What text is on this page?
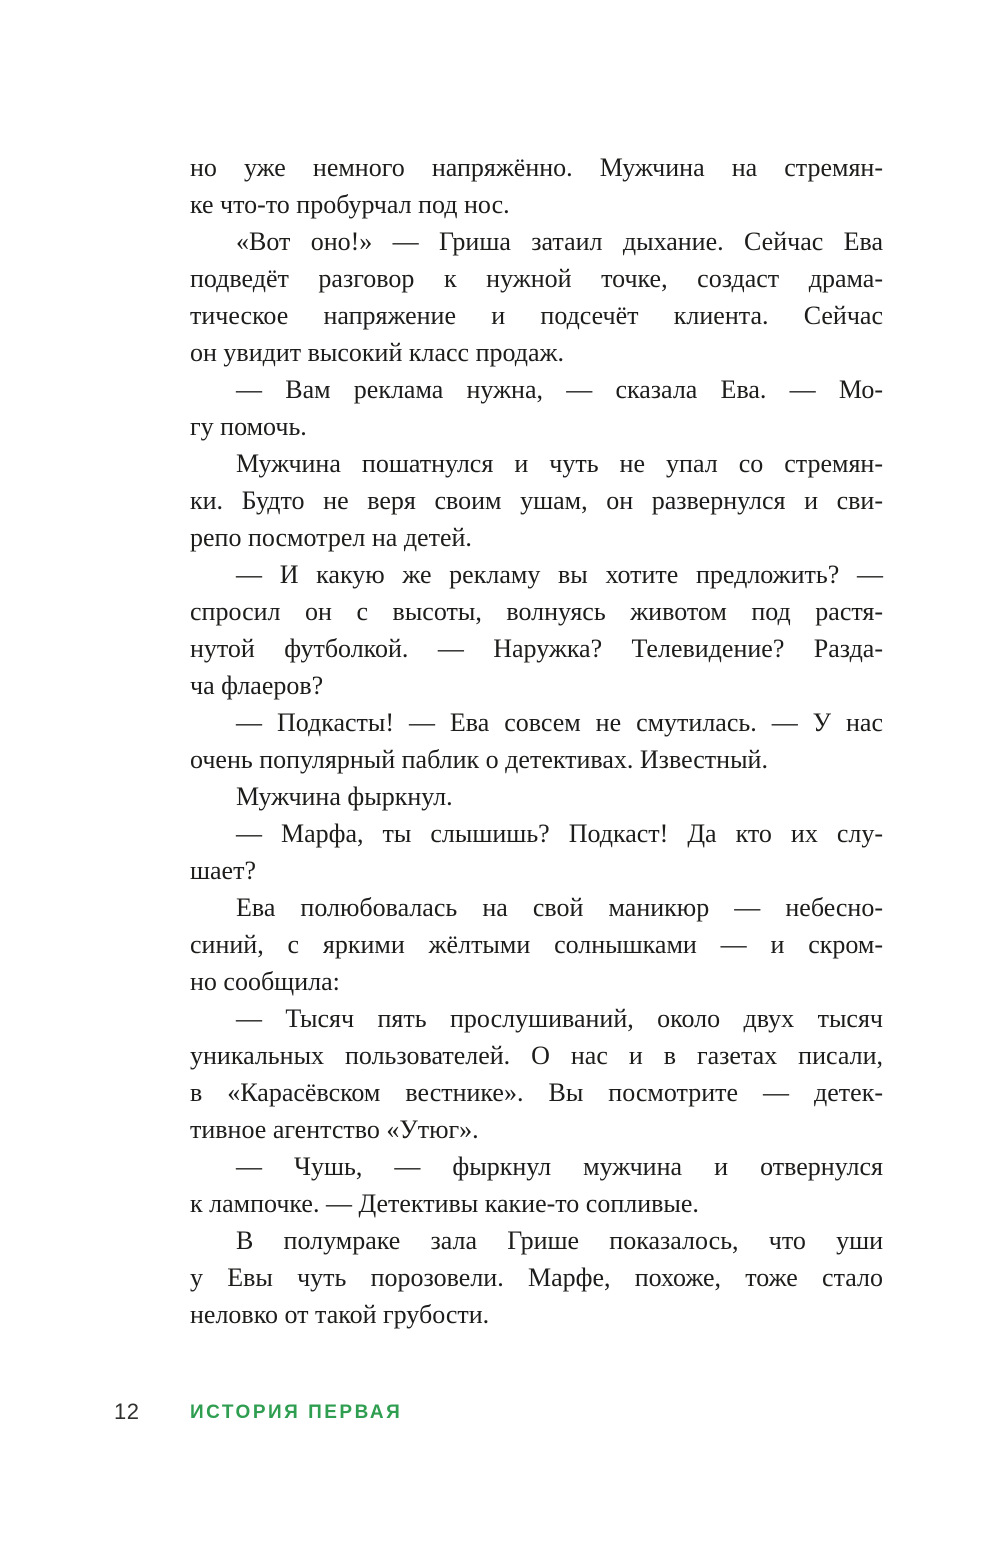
но уже немного напряжённо. Мужчина на стремян-
ке что-то пробурчал под нос.
«Вот оно!» — Гриша затаил дыхание. Сейчас Ева
подведёт разговор к нужной точке, создаст драма-
тическое напряжение и подсечёт клиента. Сейчас
он увидит высокий класс продаж.
— Вам реклама нужна, — сказала Ева. — Мо-
гу помочь.
Мужчина пошатнулся и чуть не упал со стремян-
ки. Будто не веря своим ушам, он развернулся и сви-
репо посмотрел на детей.
— И какую же рекламу вы хотите предложить? —
спросил он с высоты, волнуясь животом под растя-
нутой футболкой. — Наружка? Телевидение? Разда-
ча флаеров?
— Подкасты! — Ева совсем не смутилась. — У нас
очень популярный паблик о детективах. Известный.
Мужчина фыркнул.
— Марфа, ты слышишь? Подкаст! Да кто их слу-
шает?
Ева полюбовалась на свой маникюр — небесно-
синий, с яркими жёлтыми солнышками — и скром-
но сообщила:
— Тысяч пять прослушиваний, около двух тысяч
уникальных пользователей. О нас и в газетах писали,
в «Карасёвском вестнике». Вы посмотрите — детек-
тивное агентство «Утюг».
— Чушь, — фыркнул мужчина и отвернулся
к лампочке. — Детективы какие-то сопливые.
В полумраке зала Грише показалось, что уши
у Евы чуть порозовели. Марфе, похоже, тоже стало
неловко от такой грубости.
12	ИСТОРИЯ ПЕРВАЯ
